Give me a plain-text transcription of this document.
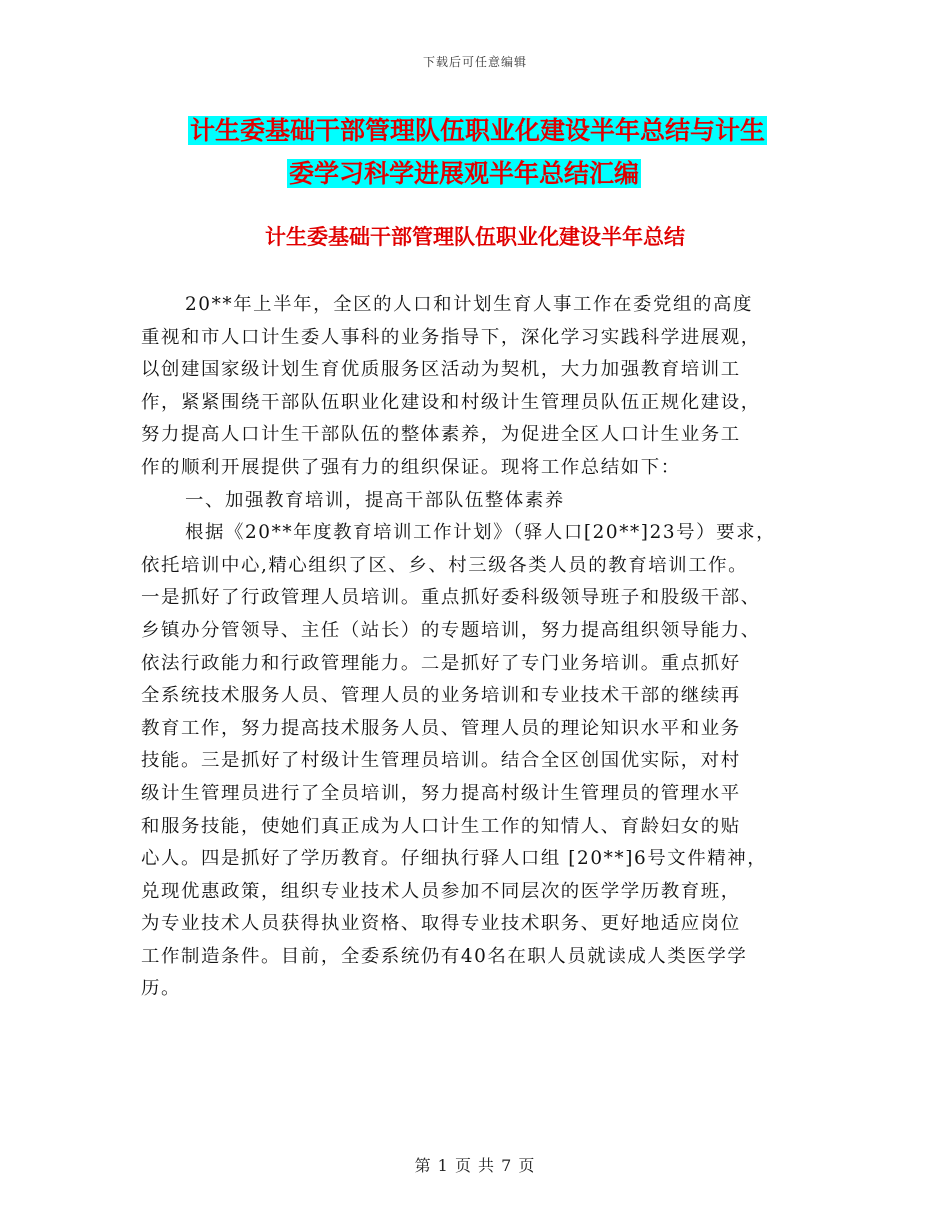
下载后可任意编辑
计生委基础干部管理队伍职业化建设半年总结与计生
委学习科学进展观半年总结汇编
计生委基础干部管理队伍职业化建设半年总结
20**年上半年，全区的人口和计划生育人事工作在委党组的高度
重视和市人口计生委人事科的业务指导下，深化学习实践科学进展观，
以创建国家级计划生育优质服务区活动为契机，大力加强教育培训工
作，紧紧围绕干部队伍职业化建设和村级计生管理员队伍正规化建设，
努力提高人口计生干部队伍的整体素养，为促进全区人口计生业务工
作的顺利开展提供了强有力的组织保证。现将工作总结如下：
一、加强教育培训，提高干部队伍整体素养
根据《20**年度教育培训工作计划》（驿人口[20**]23号）要求，
依托培训中心,精心组织了区、乡、村三级各类人员的教育培训工作。
一是抓好了行政管理人员培训。重点抓好委科级领导班子和股级干部、
乡镇办分管领导、主任（站长）的专题培训，努力提高组织领导能力、
依法行政能力和行政管理能力。二是抓好了专门业务培训。重点抓好
全系统技术服务人员、管理人员的业务培训和专业技术干部的继续再
教育工作，努力提高技术服务人员、管理人员的理论知识水平和业务
技能。三是抓好了村级计生管理员培训。结合全区创国优实际，对村
级计生管理员进行了全员培训，努力提高村级计生管理员的管理水平
和服务技能，使她们真正成为人口计生工作的知情人、育龄妇女的贴
心人。四是抓好了学历教育。仔细执行驿人口组 [20**]6号文件精神，
兑现优惠政策，组织专业技术人员参加不同层次的医学学历教育班，
为专业技术人员获得执业资格、取得专业技术职务、更好地适应岗位
工作制造条件。目前，全委系统仍有40名在职人员就读成人类医学学
历。
第 1 页 共 7 页
